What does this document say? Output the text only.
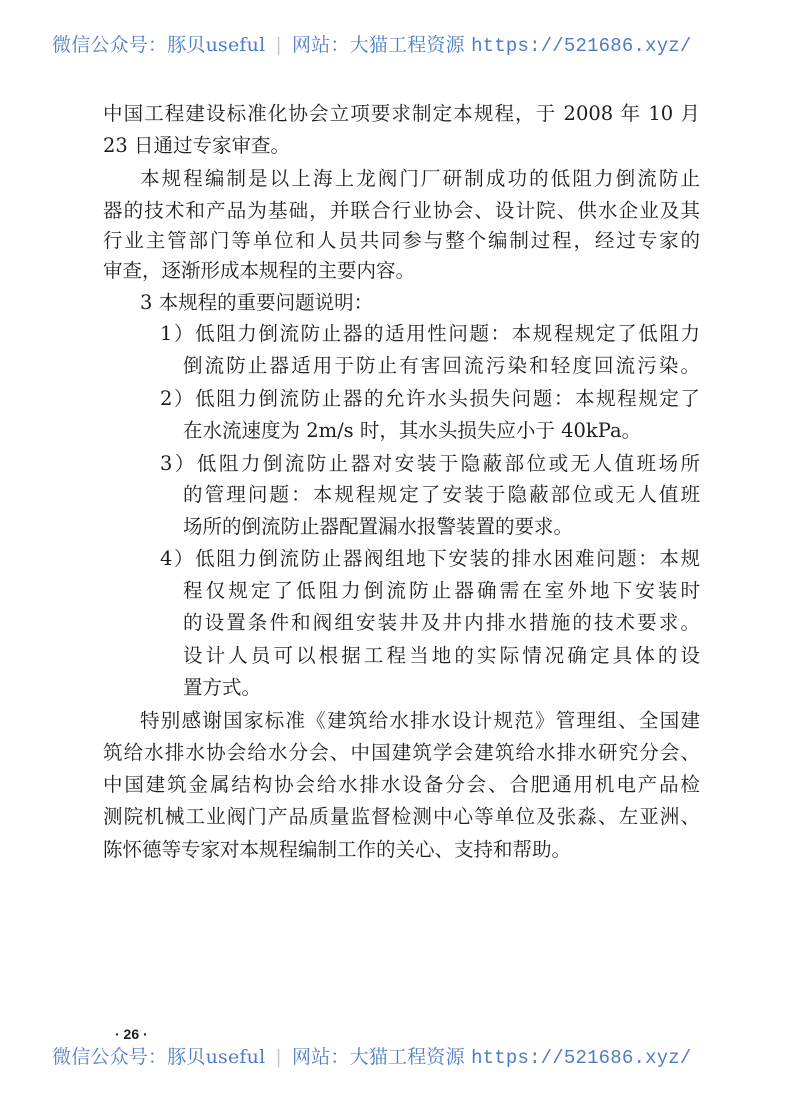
微信公众号：豚贝useful | 网站：大猫工程资源 https://521686.xyz/
中国工程建设标准化协会立项要求制定本规程，于 2008 年 10 月
23 日通过专家审查。
本规程编制是以上海上龙阀门厂研制成功的低阻力倒流防止
器的技术和产品为基础，并联合行业协会、设计院、供水企业及其
行业主管部门等单位和人员共同参与整个编制过程，经过专家的
审查，逐渐形成本规程的主要内容。
3 本规程的重要问题说明：
1）低阻力倒流防止器的适用性问题：本规程规定了低阻力
倒流防止器适用于防止有害回流污染和轻度回流污染。
2）低阻力倒流防止器的允许水头损失问题：本规程规定了
在水流速度为 2m/s 时，其水头损失应小于 40kPa。
3）低阻力倒流防止器对安装于隐蔽部位或无人值班场所
的管理问题：本规程规定了安装于隐蔽部位或无人值班
场所的倒流防止器配置漏水报警装置的要求。
4）低阻力倒流防止器阀组地下安装的排水困难问题：本规
程仅规定了低阻力倒流防止器确需在室外地下安装时
的设置条件和阀组安装井及井内排水措施的技术要求。
设计人员可以根据工程当地的实际情况确定具体的设
置方式。
特别感谢国家标准《建筑给水排水设计规范》管理组、全国建
筑给水排水协会给水分会、中国建筑学会建筑给水排水研究分会、
中国建筑金属结构协会给水排水设备分会、合肥通用机电产品检
测院机械工业阀门产品质量监督检测中心等单位及张淼、左亚洲、
陈怀德等专家对本规程编制工作的关心、支持和帮助。
· 26 ·
微信公众号：豚贝useful | 网站：大猫工程资源 https://521686.xyz/
